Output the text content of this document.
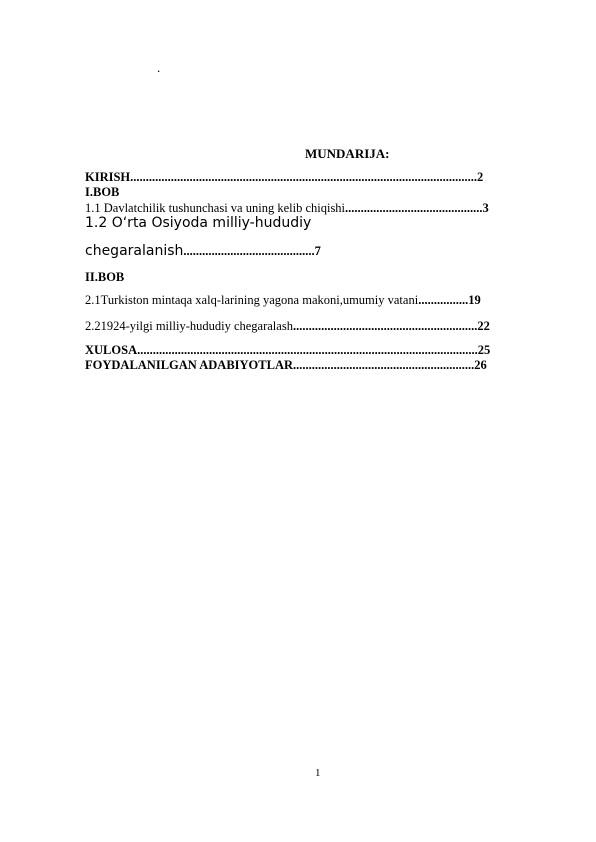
.
MUNDARIJA:
KIRISH...............................................................................................................2
I.BOB
1.1 Davlatchilik tushunchasi va uning kelib chiqishi............................................3
1.2 O‘rta Osiyoda milliy-hududiy
chegaralanish..........................................7
II.BOB
2.1Turkiston mintaqa xalq-larining yagona makoni,umumiy vatani................19
2.21924-yilgi milliy-hududiy chegaralash...........................................................22
XULOSA.............................................................................................................25
FOYDALANILGAN ADABIYOTLAR..........................................................26
1
